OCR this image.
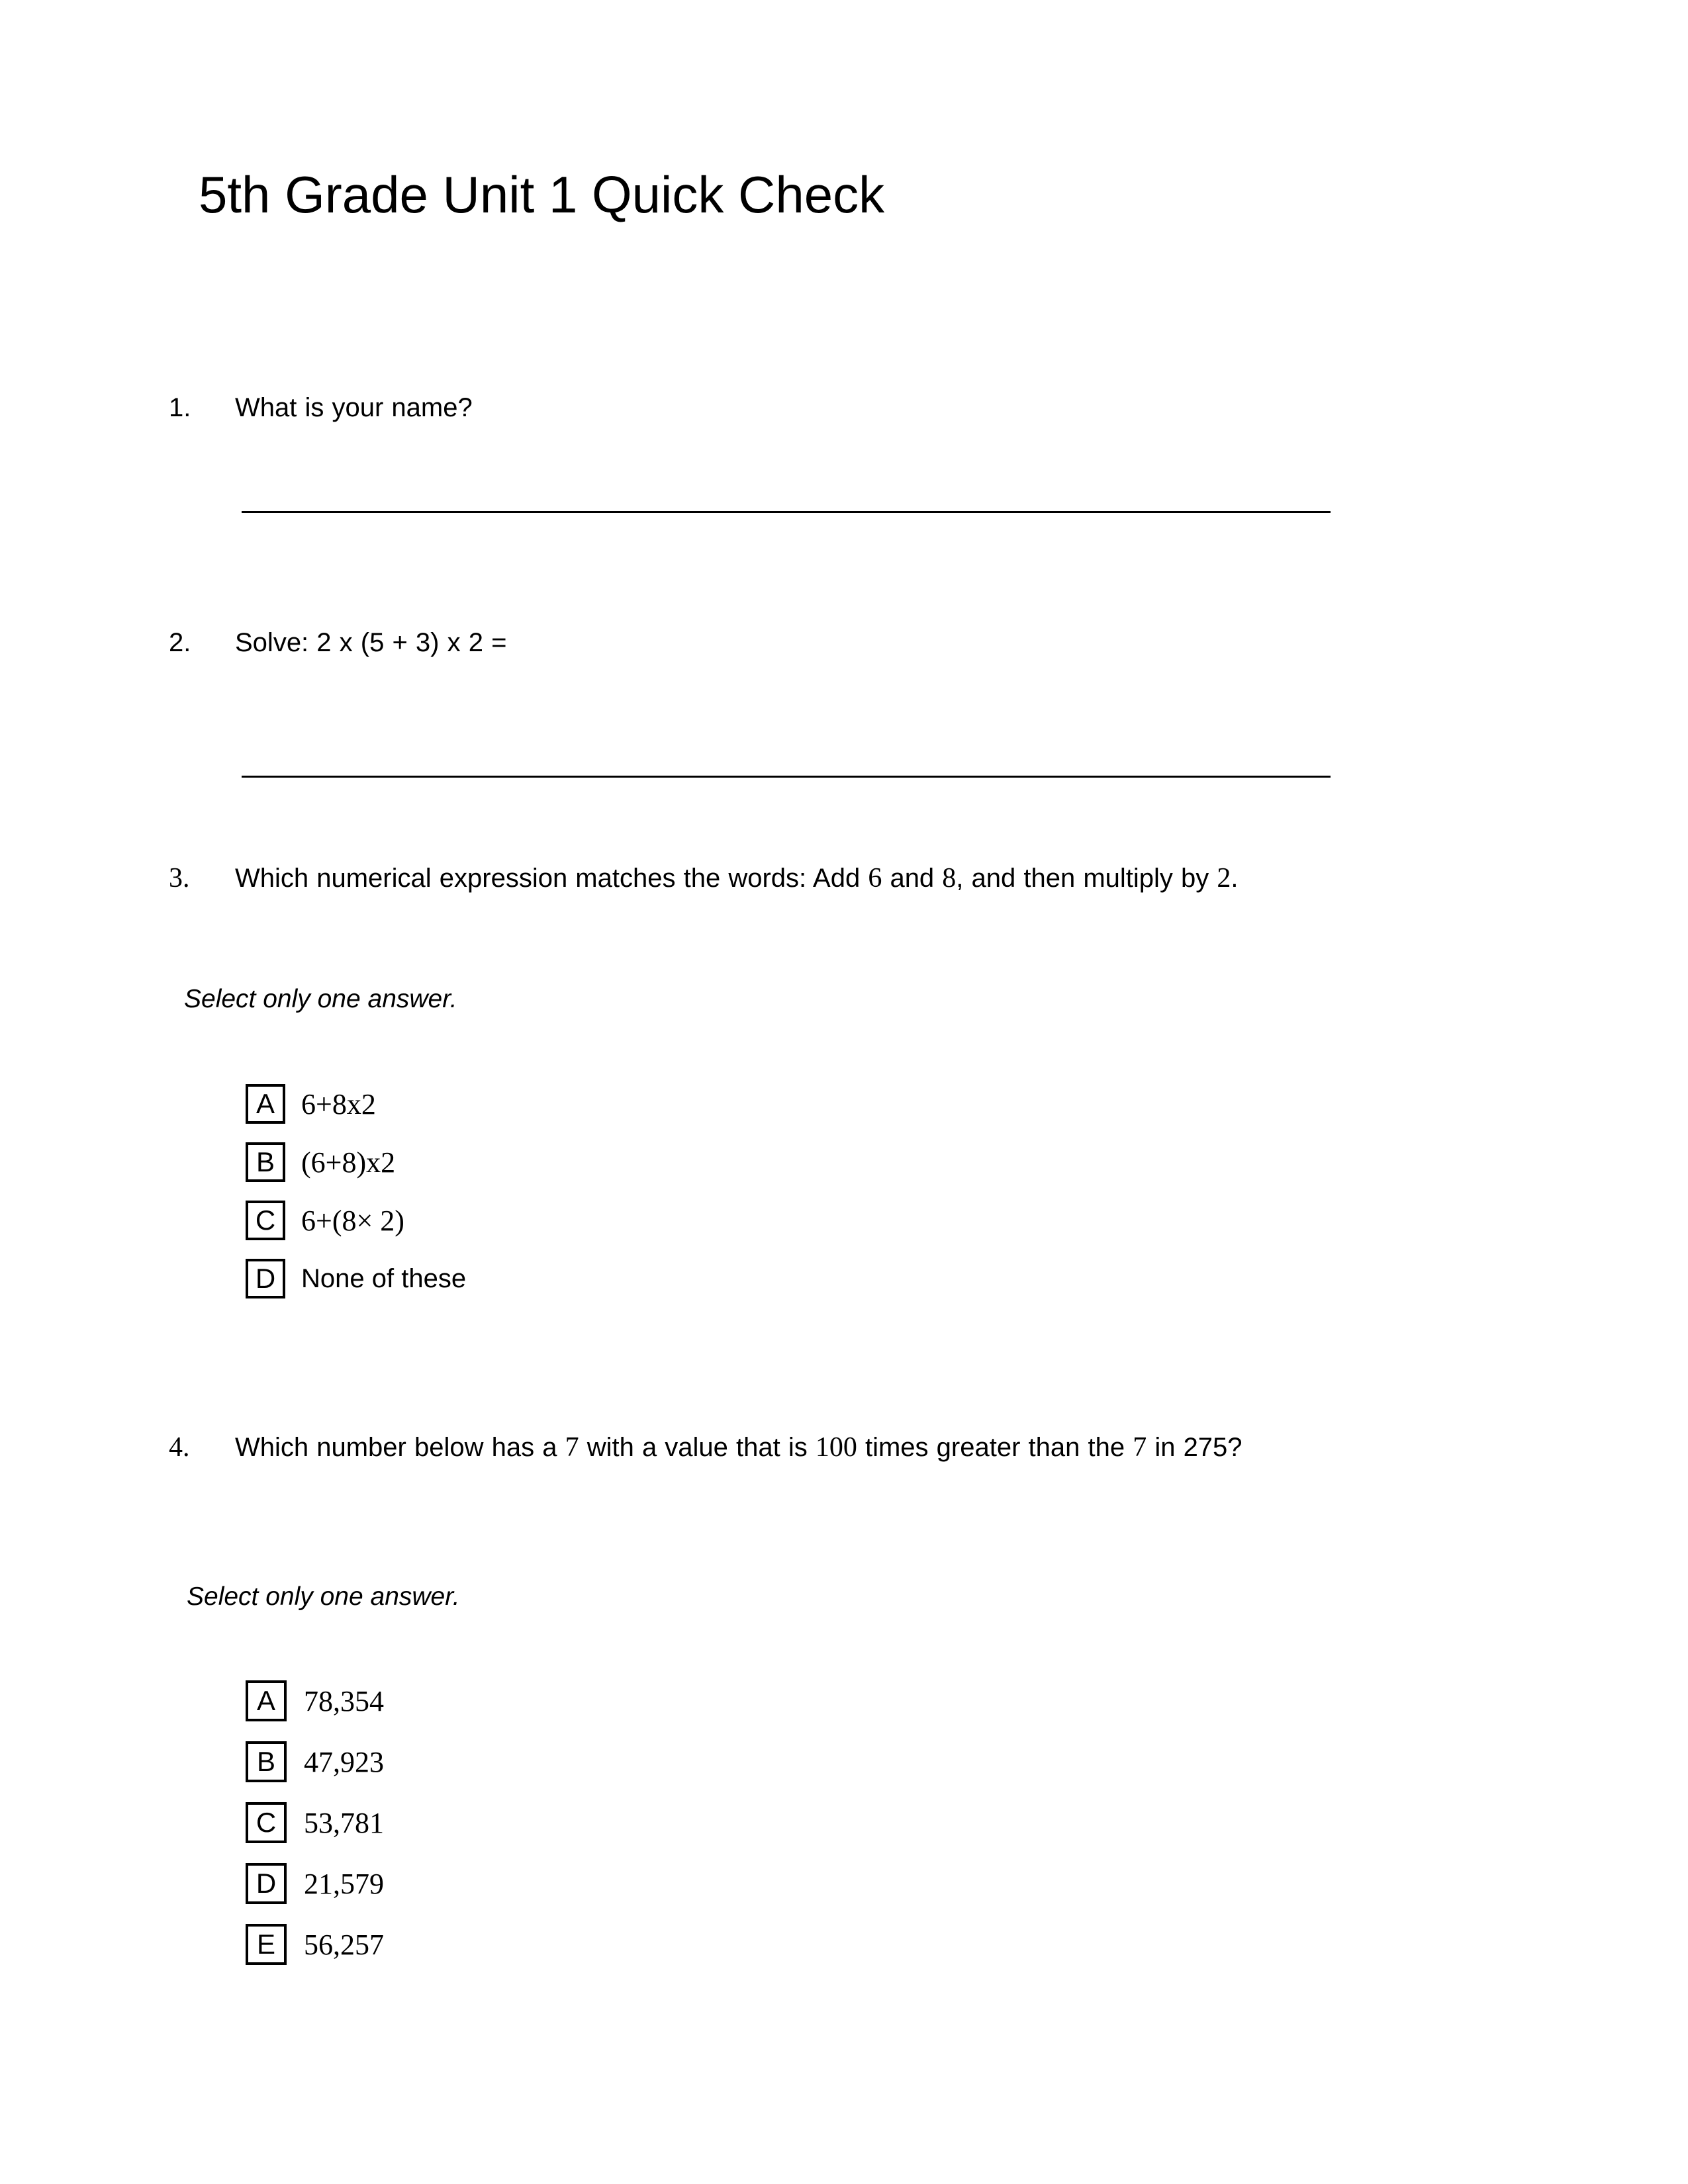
5th Grade Unit 1 Quick Check
1.	What is your name?
2.	Solve: 2 x (5 + 3) x 2 =
3.	Which numerical expression matches the words: Add 6 and 8, and then multiply by 2.
Select only one answer.
A 6+8x2
B (6+8)x2
C 6+(8× 2)
D None of these
4.	Which number below has a 7 with a value that is 100 times greater than the 7 in 275?
Select only one answer.
A 78,354
B 47,923
C 53,781
D 21,579
E 56,257
